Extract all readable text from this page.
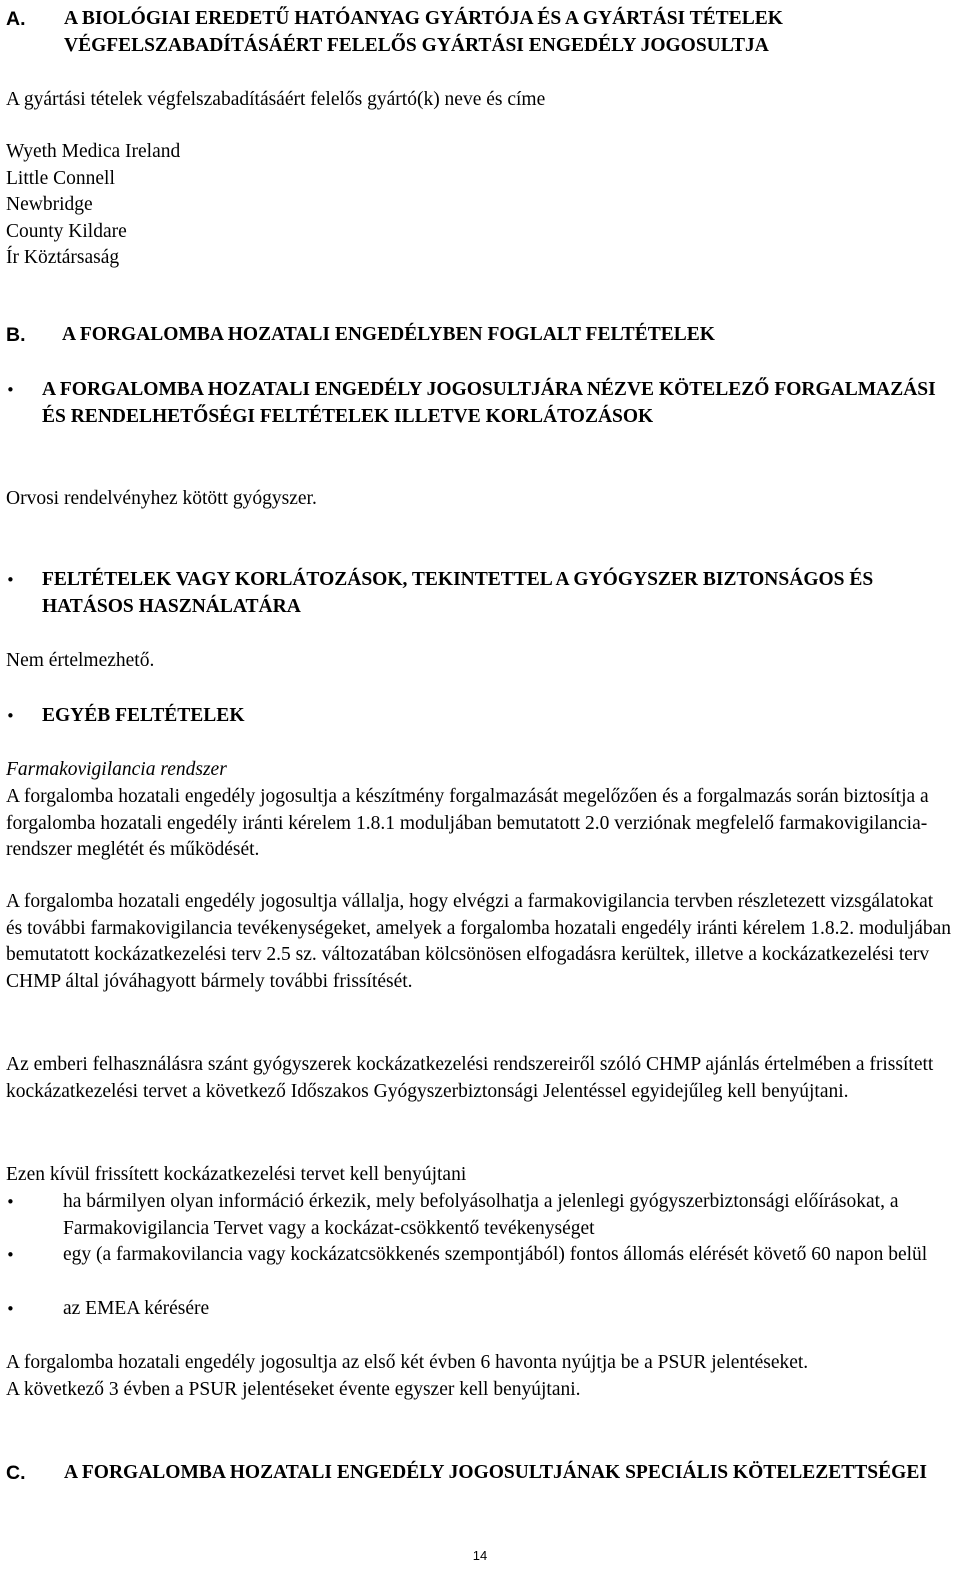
A. A BIOLÓGIAI EREDETŰ HATÓANYAG GYÁRTÓJA ÉS A GYÁRTÁSI TÉTELEK VÉGFELSZABADÍTÁSÁÉRT FELELŐS GYÁRTÁSI ENGEDÉLY JOGOSULTJA
A gyártási tételek végfelszabadításáért felelős gyártó(k) neve és címe
Wyeth Medica Ireland
Little Connell
Newbridge
County Kildare
Ír Köztársaság
B. A FORGALOMBA HOZATALI ENGEDÉLYBEN FOGLALT FELTÉTELEK
• A FORGALOMBA HOZATALI ENGEDÉLY JOGOSULTJÁRA NÉZVE KÖTELEZŐ FORGALMAZÁSI ÉS RENDELHETŐSÉGI FELTÉTELEK ILLETVE KORLÁTOZÁSOK
Orvosi rendelvényhez kötött gyógyszer.
• FELTÉTELEK VAGY KORLÁTOZÁSOK, TEKINTETTEL A GYÓGYSZER BIZTONSÁGOS ÉS HATÁSOS HASZNÁLATÁRA
Nem értelmezhető.
• EGYÉB FELTÉTELEK
Farmakovigilancia rendszer
A forgalomba hozatali engedély jogosultja a készítmény forgalmazását megelőzően és a forgalmazás során biztosítja a forgalomba hozatali engedély iránti kérelem 1.8.1 moduljában bemutatott 2.0 verziónak megfelelő farmakovigilancia-rendszer meglétét és működését.
A forgalomba hozatali engedély jogosultja vállalja, hogy elvégzi a farmakovigilancia tervben részletezett vizsgálatokat és további farmakovigilancia tevékenységeket, amelyek a forgalomba hozatali engedély iránti kérelem 1.8.2. moduljában bemutatott kockázatkezelési terv 2.5 sz. változatában kölcsönösen elfogadásra kerültek, illetve a kockázatkezelési terv CHMP által jóváhagyott bármely további frissítését.
Az emberi felhasználásra szánt gyógyszerek kockázatkezelési rendszereiről szóló CHMP ajánlás értelmében a frissített kockázatkezelési tervet a következő Időszakos Gyógyszerbiztonsági Jelentéssel egyidejűleg kell benyújtani.
Ezen kívül frissített kockázatkezelési tervet kell benyújtani
• ha bármilyen olyan információ érkezik, mely befolyásolhatja a jelenlegi gyógyszerbiztonsági előírásokat, a Farmakovigilancia Tervet vagy a kockázat-csökkentő tevékenységet
• egy (a farmakovilancia vagy kockázatcsökkenés szempontjából) fontos állomás elérését követő 60 napon belül
• az EMEA kérésére
A forgalomba hozatali engedély jogosultja az első két évben 6 havonta nyújtja be a PSUR jelentéseket.
A következő 3 évben a PSUR jelentéseket évente egyszer kell benyújtani.
C. A FORGALOMBA HOZATALI ENGEDÉLY JOGOSULTJÁNAK SPECIÁLIS KÖTELEZETTSÉGEI
14
